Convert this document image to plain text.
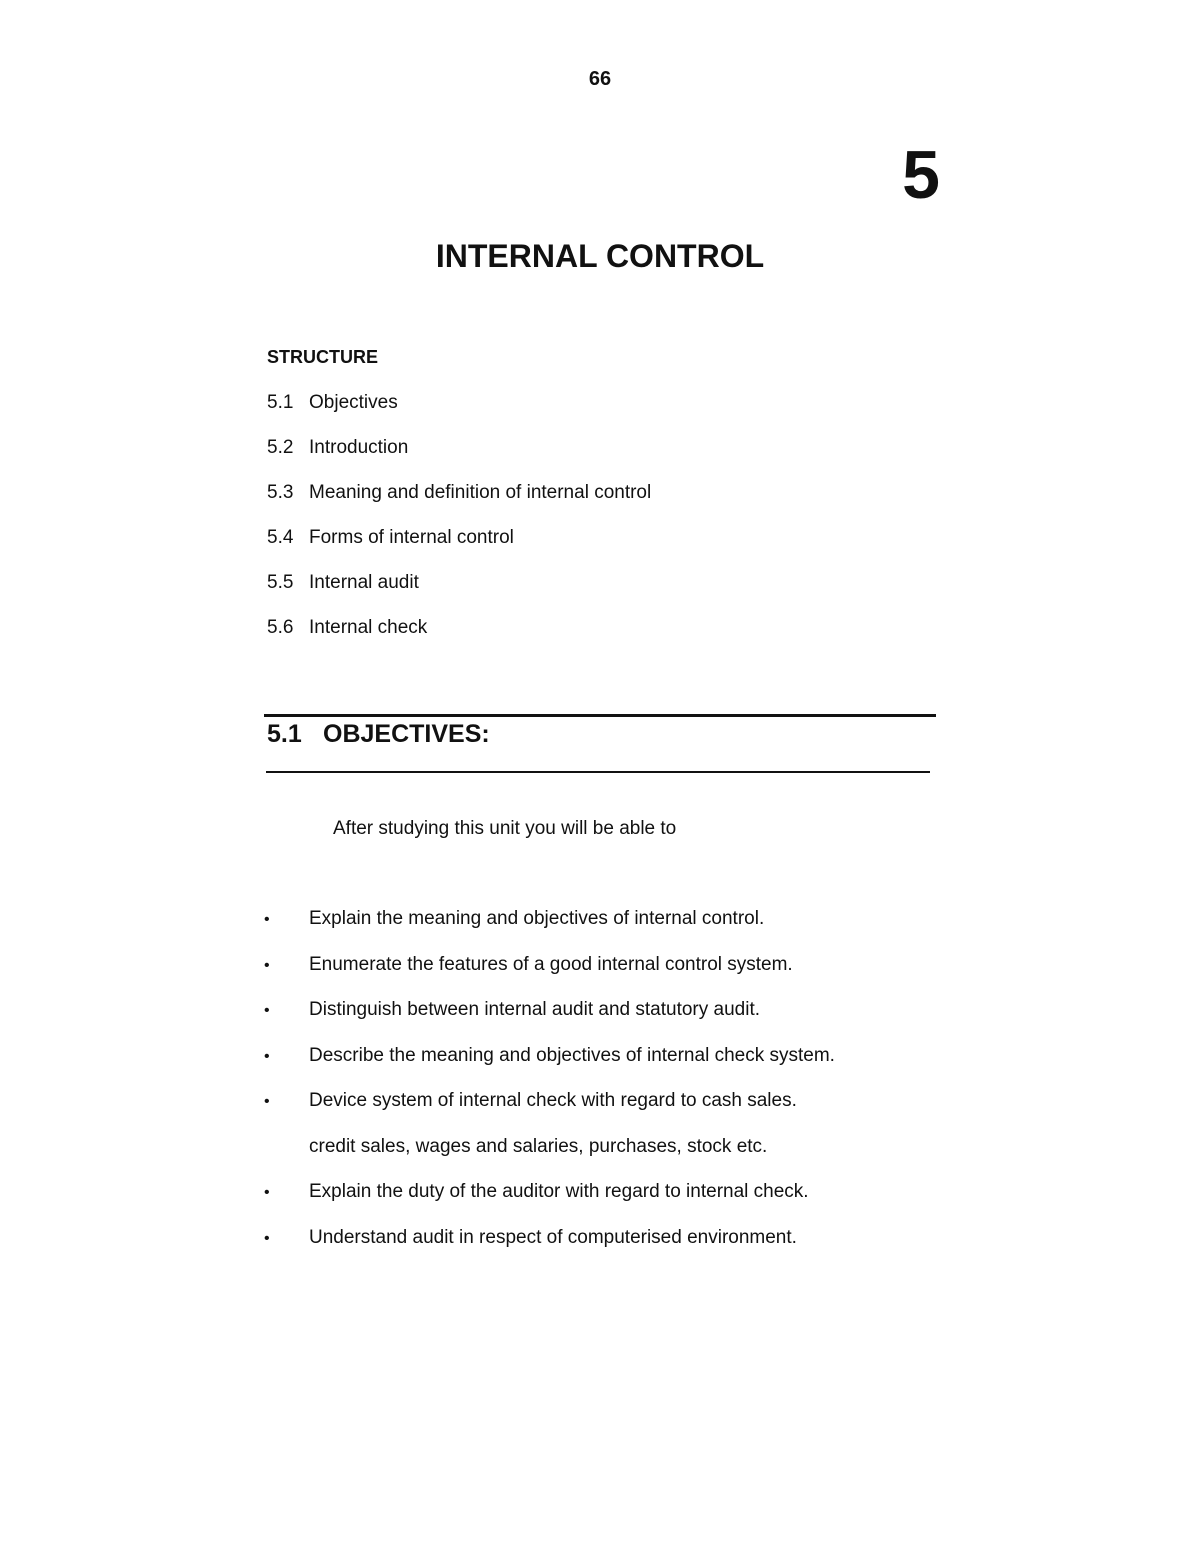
66
5
INTERNAL CONTROL
STRUCTURE
5.1 Objectives
5.2 Introduction
5.3 Meaning and definition of internal control
5.4 Forms of internal control
5.5 Internal audit
5.6 Internal check
5.1 OBJECTIVES:
After studying this unit you will be able to
•	Explain the meaning and objectives of internal control.
•	Enumerate the features of a good internal control system.
•	Distinguish between internal audit and statutory audit.
•	Describe the meaning and objectives of internal check system.
•	Device system of internal check with regard to cash sales.
credit sales, wages and salaries, purchases, stock etc.
•	Explain the duty of the auditor with regard to internal check.
•	Understand audit in respect of computerised environment.
